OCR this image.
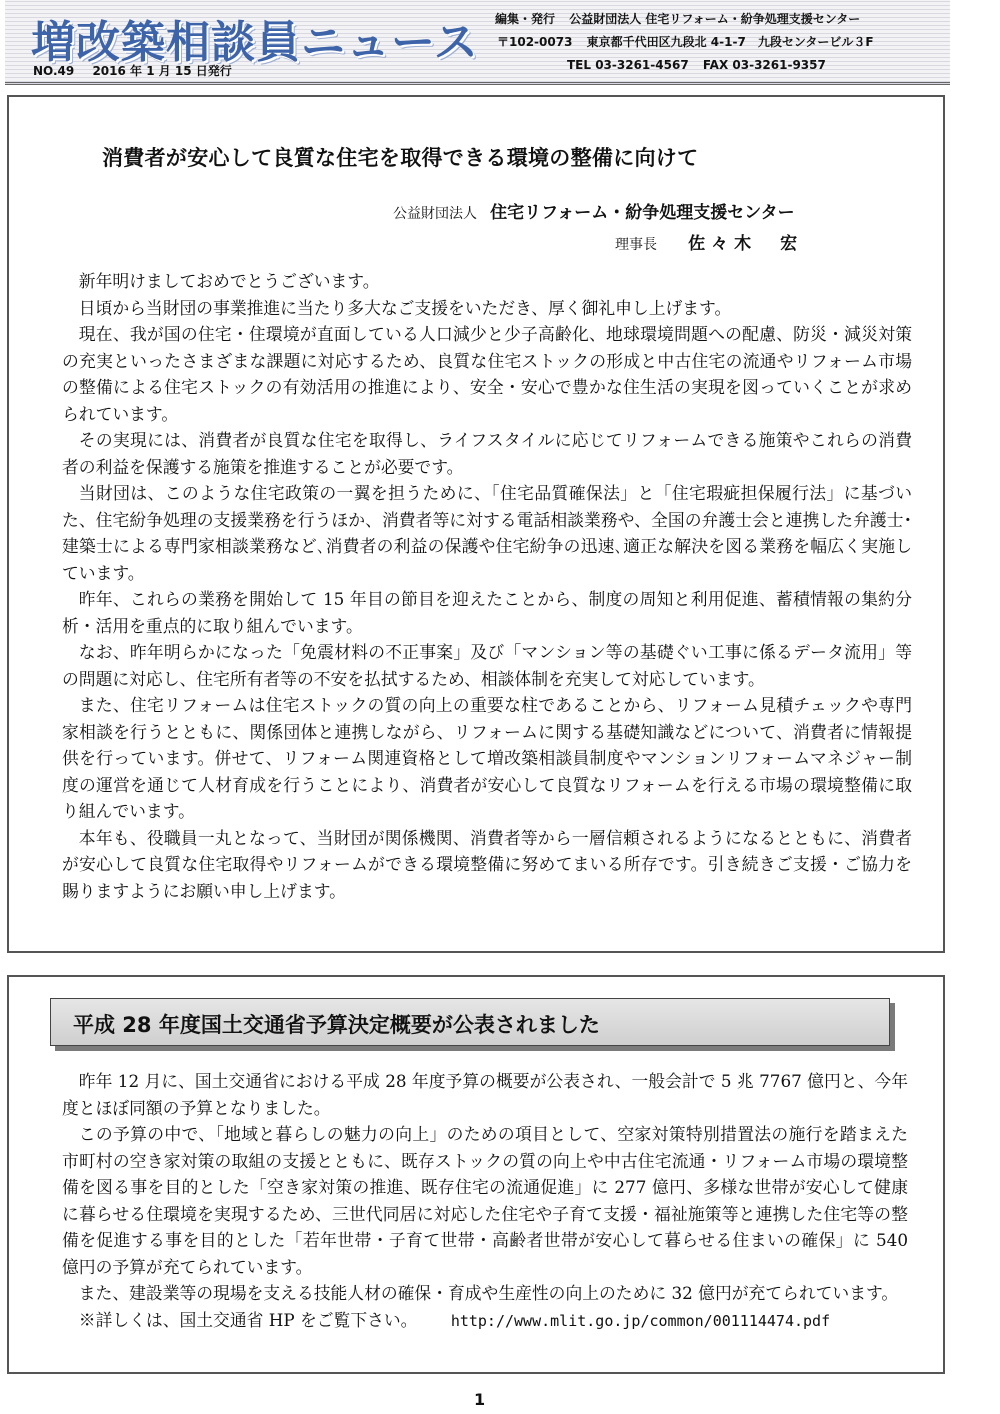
増改築相談員ニュース
NO.49 2016 年 1 月 15 日発行
編集・発行 公益財団法人 住宅リフォーム・紛争処理支援センター
〒102-0073 東京都千代田区九段北 4-1-7　九段センタービル３F
TEL 03-3261-4567 FAX 03-3261-9357
消費者が安心して良質な住宅を取得できる環境の整備に向けて
公益財団法人 住宅リフォーム・紛争処理支援センター
理事長 佐々木　宏

新年明けましておめでとうございます。

日頃から当財団の事業推進に当たり多大なご支援をいただき、厚く御礼申し上げます。

現在、我が国の住宅・住環境が直面している人口減少と少子高齢化、地球環境問題への配慮、防災・減災対策の充実といったさまざまな課題に対応するため、良質な住宅ストックの形成と中古住宅の流通やリフォーム市場の整備による住宅ストックの有効活用の推進により、安全・安心で豊かな住生活の実現を図っていくことが求められています。

その実現には、消費者が良質な住宅を取得し、ライフスタイルに応じてリフォームできる施策やこれらの消費者の利益を保護する施策を推進することが必要です。

当財団は、このような住宅政策の一翼を担うために、「住宅品質確保法」と「住宅瑕疵担保履行法」に基づいた、住宅紛争処理の支援業務を行うほか、消費者等に対する電話相談業務や、全国の弁護士会と連携した弁護士･建築士による専門家相談業務など､消費者の利益の保護や住宅紛争の迅速､適正な解決を図る業務を幅広く実施しています。

昨年、これらの業務を開始して 15 年目の節目を迎えたことから、制度の周知と利用促進、蓄積情報の集約分析・活用を重点的に取り組んでいます。

なお、昨年明らかになった「免震材料の不正事案」及び「マンション等の基礎ぐい工事に係るデータ流用」等の問題に対応し、住宅所有者等の不安を払拭するため、相談体制を充実して対応しています。

また、住宅リフォームは住宅ストックの質の向上の重要な柱であることから、リフォーム見積チェックや専門家相談を行うとともに、関係団体と連携しながら、リフォームに関する基礎知識などについて、消費者に情報提供を行っています。併せて、リフォーム関連資格として増改築相談員制度やマンションリフォームマネジャー制度の運営を通じて人材育成を行うことにより、消費者が安心して良質なリフォームを行える市場の環境整備に取り組んでいます。

本年も、役職員一丸となって、当財団が関係機関、消費者等から一層信頼されるようになるとともに、消費者が安心して良質な住宅取得やリフォームができる環境整備に努めてまいる所存です。引き続きご支援・ご協力を賜りますようにお願い申し上げます。

平成 28 年度国土交通省予算決定概要が公表されました

昨年 12 月に、国土交通省における平成 28 年度予算の概要が公表され、一般会計で 5 兆 7767 億円と、今年度とほぼ同額の予算となりました。

この予算の中で、「地域と暮らしの魅力の向上」のための項目として、空家対策特別措置法の施行を踏まえた市町村の空き家対策の取組の支援とともに、既存ストックの質の向上や中古住宅流通・リフォーム市場の環境整備を図る事を目的とした「空き家対策の推進、既存住宅の流通促進」に 277 億円、多様な世帯が安心して健康に暮らせる住環境を実現するため、三世代同居に対応した住宅や子育て支援・福祉施策等と連携した住宅等の整備を促進する事を目的とした「若年世帯・子育て世帯・高齢者世帯が安心して暮らせる住まいの確保」に 540 億円の予算が充てられています。

また、建設業等の現場を支える技能人材の確保・育成や生産性の向上のために 32 億円が充てられています。

※詳しくは、国土交通省 HP をご覧下さい。 http://www.mlit.go.jp/common/001114474.pdf
1
